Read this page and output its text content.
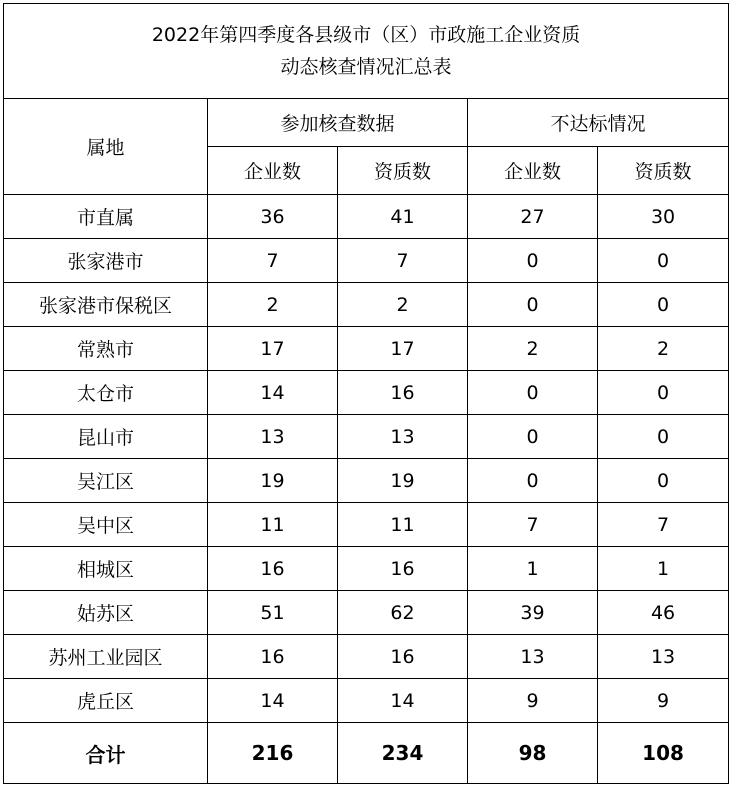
2022年第四季度各县级市（区）市政施工企业资质
动态核查情况汇总表				

属地	参加核查数据		不达标情况	
	企业数	资质数	企业数	资质数
市直属	36	41	27	30
张家港市	7	7	0	0
张家港市保税区	2	2	0	0
常熟市	17	17	2	2
太仓市	14	16	0	0
昆山市	13	13	0	0
吴江区	19	19	0	0
吴中区	11	11	7	7
相城区	16	16	1	1
姑苏区	51	62	39	46
苏州工业园区	16	16	13	13
虎丘区	14	14	9	9
合计	216	234	98	108
